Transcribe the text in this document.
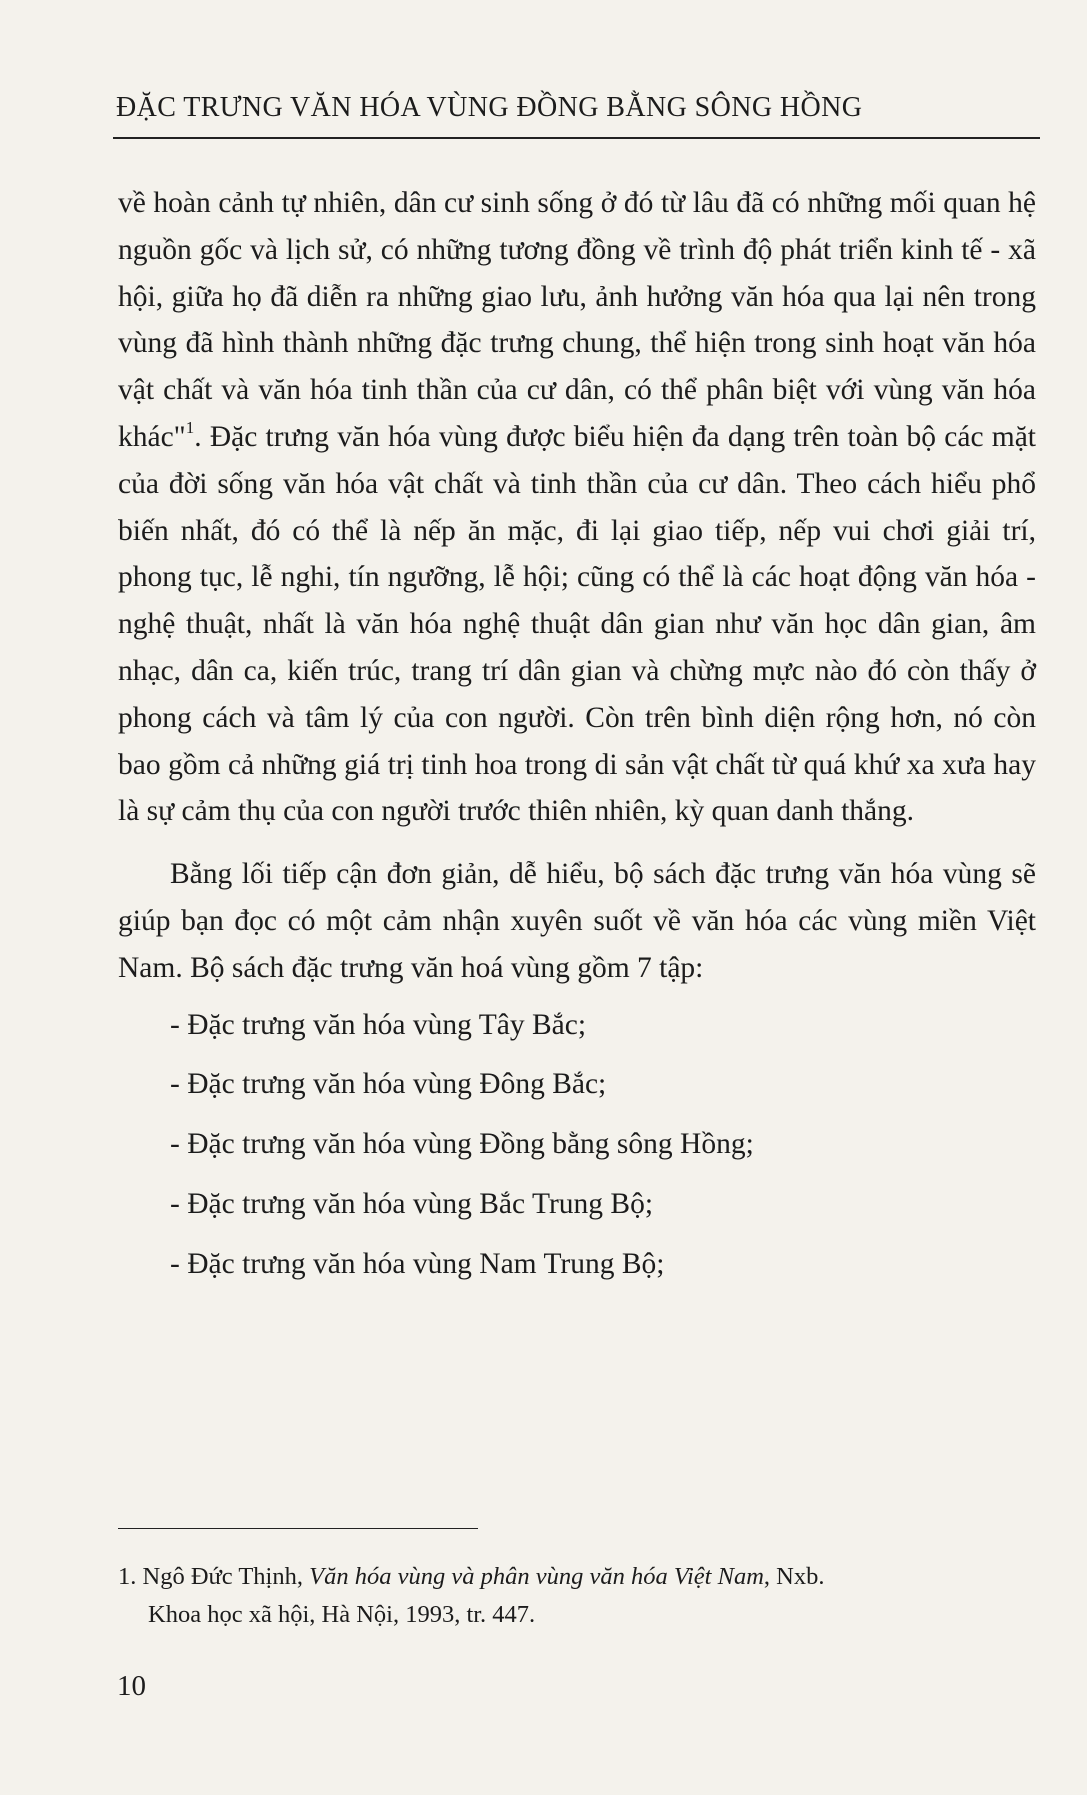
ĐẶC TRƯNG VĂN HÓA VÙNG ĐỒNG BẰNG SÔNG HỒNG

về hoàn cảnh tự nhiên, dân cư sinh sống ở đó từ lâu đã có những mối quan hệ nguồn gốc và lịch sử, có những tương đồng về trình độ phát triển kinh tế - xã hội, giữa họ đã diễn ra những giao lưu, ảnh hưởng văn hóa qua lại nên trong vùng đã hình thành những đặc trưng chung, thể hiện trong sinh hoạt văn hóa vật chất và văn hóa tinh thần của cư dân, có thể phân biệt với vùng văn hóa khác"$^1$. Đặc trưng văn hóa vùng được biểu hiện đa dạng trên toàn bộ các mặt của đời sống văn hóa vật chất và tinh thần của cư dân. Theo cách hiểu phổ biến nhất, đó có thể là nếp ăn mặc, đi lại giao tiếp, nếp vui chơi giải trí, phong tục, lễ nghi, tín ngưỡng, lễ hội; cũng có thể là các hoạt động văn hóa - nghệ thuật, nhất là văn hóa nghệ thuật dân gian như văn học dân gian, âm nhạc, dân ca, kiến trúc, trang trí dân gian và chừng mực nào đó còn thấy ở phong cách và tâm lý của con người. Còn trên bình diện rộng hơn, nó còn bao gồm cả những giá trị tinh hoa trong di sản vật chất từ quá khứ xa xưa hay là sự cảm thụ của con người trước thiên nhiên, kỳ quan danh thắng.

Bằng lối tiếp cận đơn giản, dễ hiểu, bộ sách đặc trưng văn hóa vùng sẽ giúp bạn đọc có một cảm nhận xuyên suốt về văn hóa các vùng miền Việt Nam. Bộ sách đặc trưng văn hoá vùng gồm 7 tập:

- Đặc trưng văn hóa vùng Tây Bắc;
- Đặc trưng văn hóa vùng Đông Bắc;
- Đặc trưng văn hóa vùng Đồng bằng sông Hồng;
- Đặc trưng văn hóa vùng Bắc Trung Bộ;
- Đặc trưng văn hóa vùng Nam Trung Bộ;
1. Ngô Đức Thịnh, Văn hóa vùng và phân vùng văn hóa Việt Nam, Nxb.
Khoa học xã hội, Hà Nội, 1993, tr. 447.
10
